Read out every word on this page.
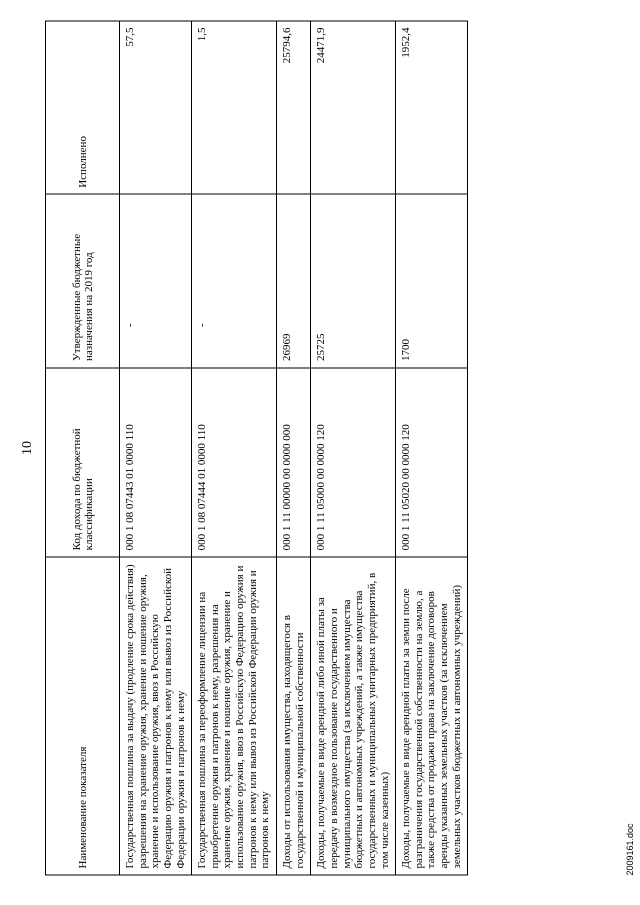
10
Наименование показателя	Код дохода по бюджетной классификации	Утвержденные бюджетные назначения на 2019 год	Исполнено
Государственная пошлина за выдачу (продление срока действия) разрешения на хранение оружия, хранение и ношение оружия, хранение и использование оружия, ввоз в Российскую Федерацию оружия и патронов к нему или вывоз из Российской Федерации оружия и патронов к нему	000 1 08 07443 01 0000 110	-	57,5
Государственная пошлина за переоформление лицензии на приобретение оружия и патронов к нему, разрешения на хранение оружия, хранение и ношение оружия, хранение и использование оружия, ввоз в Российскую Федерацию оружия и патронов к нему или вывоз из Российской Федерации оружия и патронов к нему	000 1 08 07444 01 0000 110	-	1,5
Доходы от использования имущества, находящегося в государственной и муниципальной собственности	000 1 11 00000 00 0000 000	26969	25794,6
Доходы, получаемые в виде арендной либо иной платы за передачу в возмездное пользование государственного и муниципального имущества (за исключением имущества бюджетных и автономных учреждений, а также имущества государственных и муниципальных унитарных предприятий, в том числе казенных)	000 1 11 05000 00 0000 120	25725	24471,9
Доходы, получаемые в виде арендной платы за земли после разграничения государственной собственности на землю, а также средства от продажи права на заключение договоров аренды указанных земельных участков (за исключением земельных участков бюджетных и автономных учреждений)	000 1 11 05020 00 0000 120	1700	1952,4
2009161.doc
